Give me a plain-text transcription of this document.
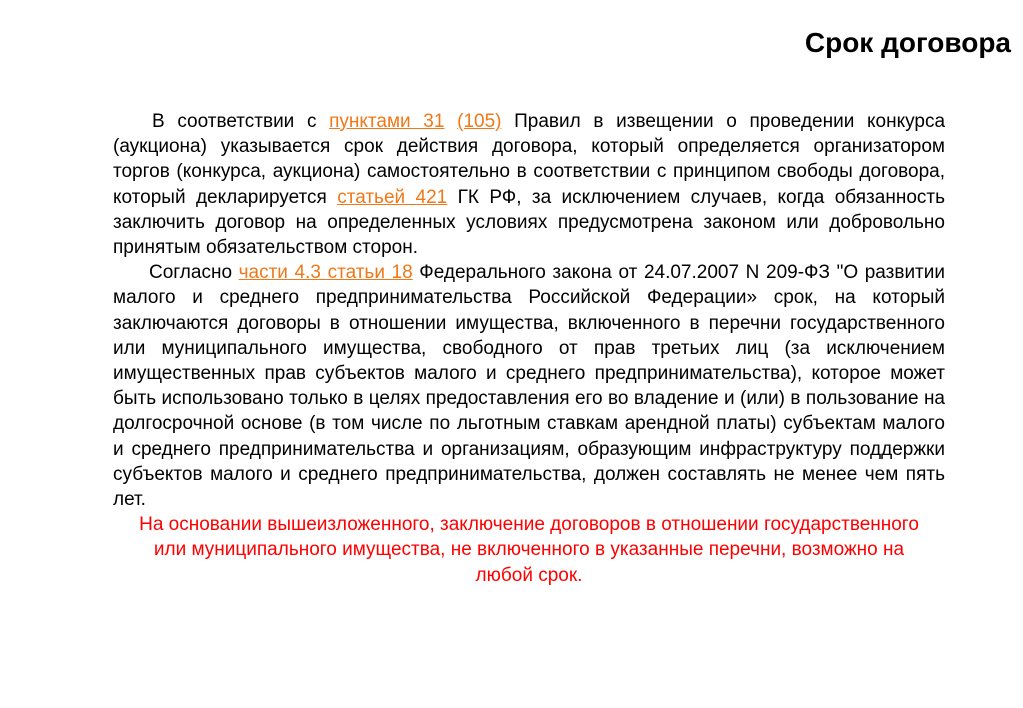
Срок договора

В соответствии с пунктами 31 (105) Правил в извещении о проведении конкурса (аукциона) указывается срок действия договора, который определяется организатором торгов (конкурса, аукциона) самостоятельно в соответствии с принципом свободы договора, который декларируется статьей 421 ГК РФ, за исключением случаев, когда обязанность заключить договор на определенных условиях предусмотрена законом или добровольно принятым обязательством сторон.

Согласно части 4.3 статьи 18 Федерального закона от 24.07.2007 N 209-ФЗ "О развитии малого и среднего предпринимательства Российской Федерации» срок, на который заключаются договоры в отношении имущества, включенного в перечни государственного или муниципального имущества, свободного от прав третьих лиц (за исключением имущественных прав субъектов малого и среднего предпринимательства), которое может быть использовано только в целях предоставления его во владение и (или) в пользование на долгосрочной основе (в том числе по льготным ставкам арендной платы) субъектам малого и среднего предпринимательства и организациям, образующим инфраструктуру поддержки субъектов малого и среднего предпринимательства, должен составлять не менее чем пять лет.

На основании вышеизложенного, заключение договоров в отношении государственного или муниципального имущества, не включенного в указанные перечни, возможно на любой срок.
